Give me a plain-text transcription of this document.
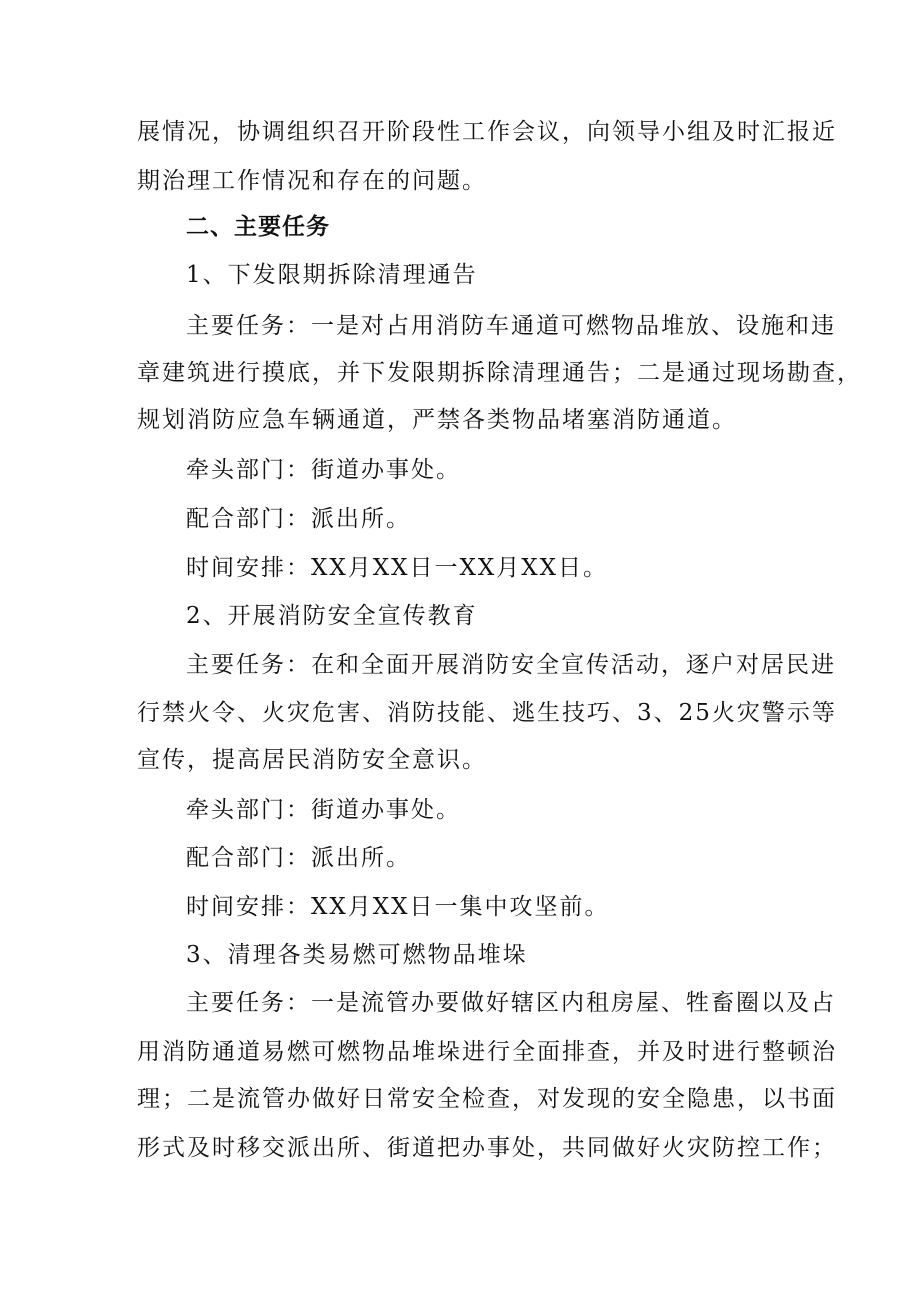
展情况，协调组织召开阶段性工作会议，向领导小组及时汇报近
期治理工作情况和存在的问题。
二、主要任务
1、下发限期拆除清理通告
主要任务：一是对占用消防车通道可燃物品堆放、设施和违
章建筑进行摸底，并下发限期拆除清理通告；二是通过现场勘查，
规划消防应急车辆通道，严禁各类物品堵塞消防通道。
牵头部门：街道办事处。
配合部门：派出所。
时间安排：XX月XX日一XX月XX日。
2、开展消防安全宣传教育
主要任务：在和全面开展消防安全宣传活动，逐户对居民进
行禁火令、火灾危害、消防技能、逃生技巧、3、25火灾警示等
宣传，提高居民消防安全意识。
牵头部门：街道办事处。
配合部门：派出所。
时间安排：XX月XX日一集中攻坚前。
3、清理各类易燃可燃物品堆垛
主要任务：一是流管办要做好辖区内租房屋、牲畜圈以及占
用消防通道易燃可燃物品堆垛进行全面排查，并及时进行整顿治
理；二是流管办做好日常安全检查，对发现的安全隐患，以书面
形式及时移交派出所、街道把办事处，共同做好火灾防控工作；
